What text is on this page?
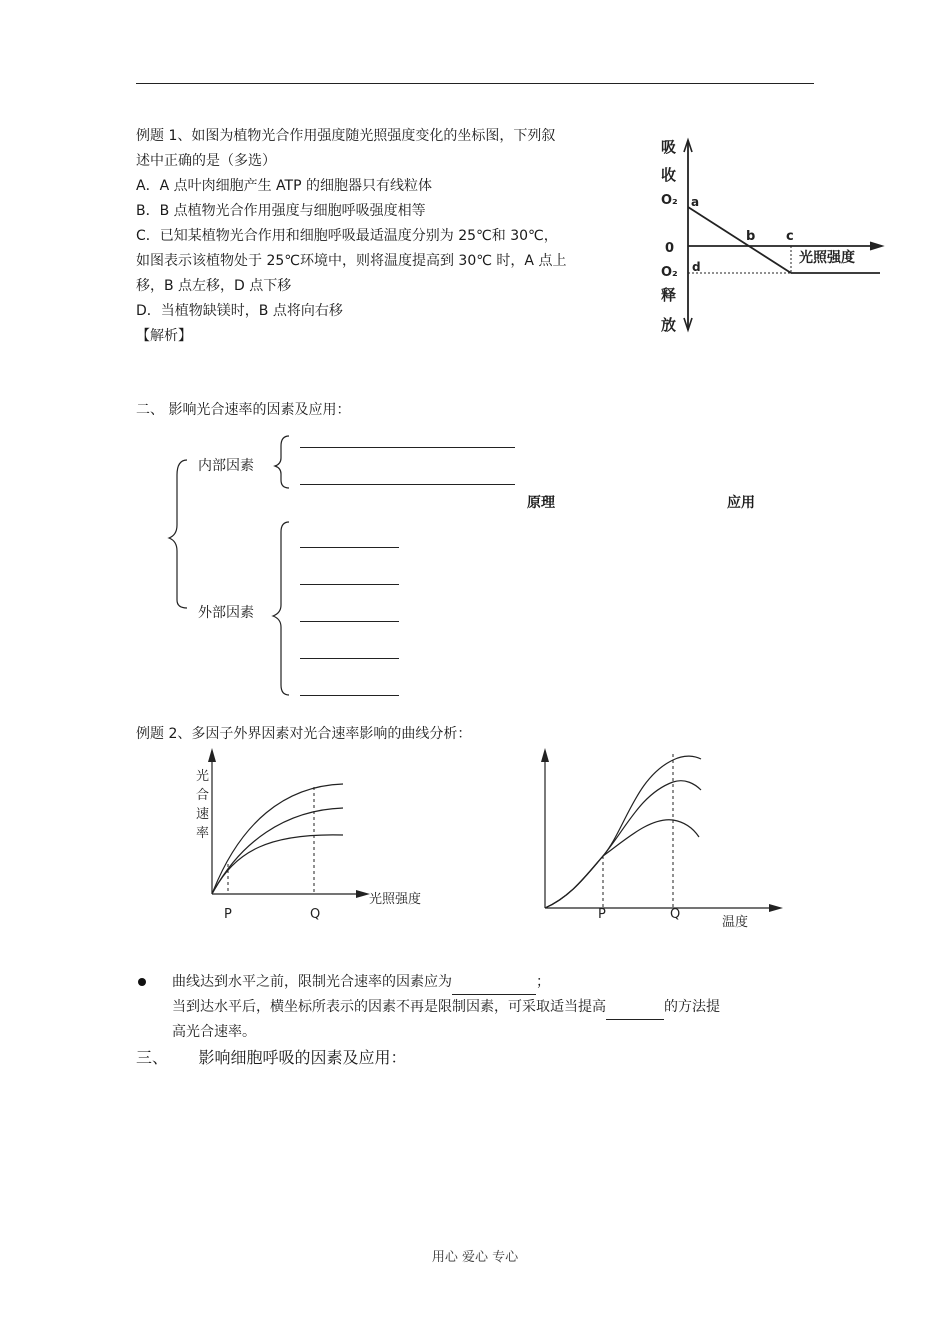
例题 1、如图为植物光合作用强度随光照强度变化的坐标图，下列叙
述中正确的是（多选）
A．A 点叶肉细胞产生 ATP 的细胞器只有线粒体
B．B 点植物光合作用强度与细胞呼吸强度相等
C．已知某植物光合作用和细胞呼吸最适温度分别为 25℃和 30℃，
如图表示该植物处于 25℃环境中，则将温度提高到 30℃ 时，A 点上
移，B 点左移，D 点下移
D．当植物缺镁时，B 点将向右移
【解析】
吸
收
O₂ a
0
b c
光照强度
O₂ d
释
放
二、 影响光合速率的因素及应用：
内部因素
外部因素
原理	应用
例题 2、多因子外界因素对光合速率影响的曲线分析：
光
合
速
率
光照强度
P	Q	P	Q
温度
曲线达到水平之前，限制光合速率的因素应为	；
当到达水平后，横坐标所表示的因素不再是限制因素，可采取适当提高	的方法提
高光合速率。
三、      影响细胞呼吸的因素及应用：
用心 爱心 专心
